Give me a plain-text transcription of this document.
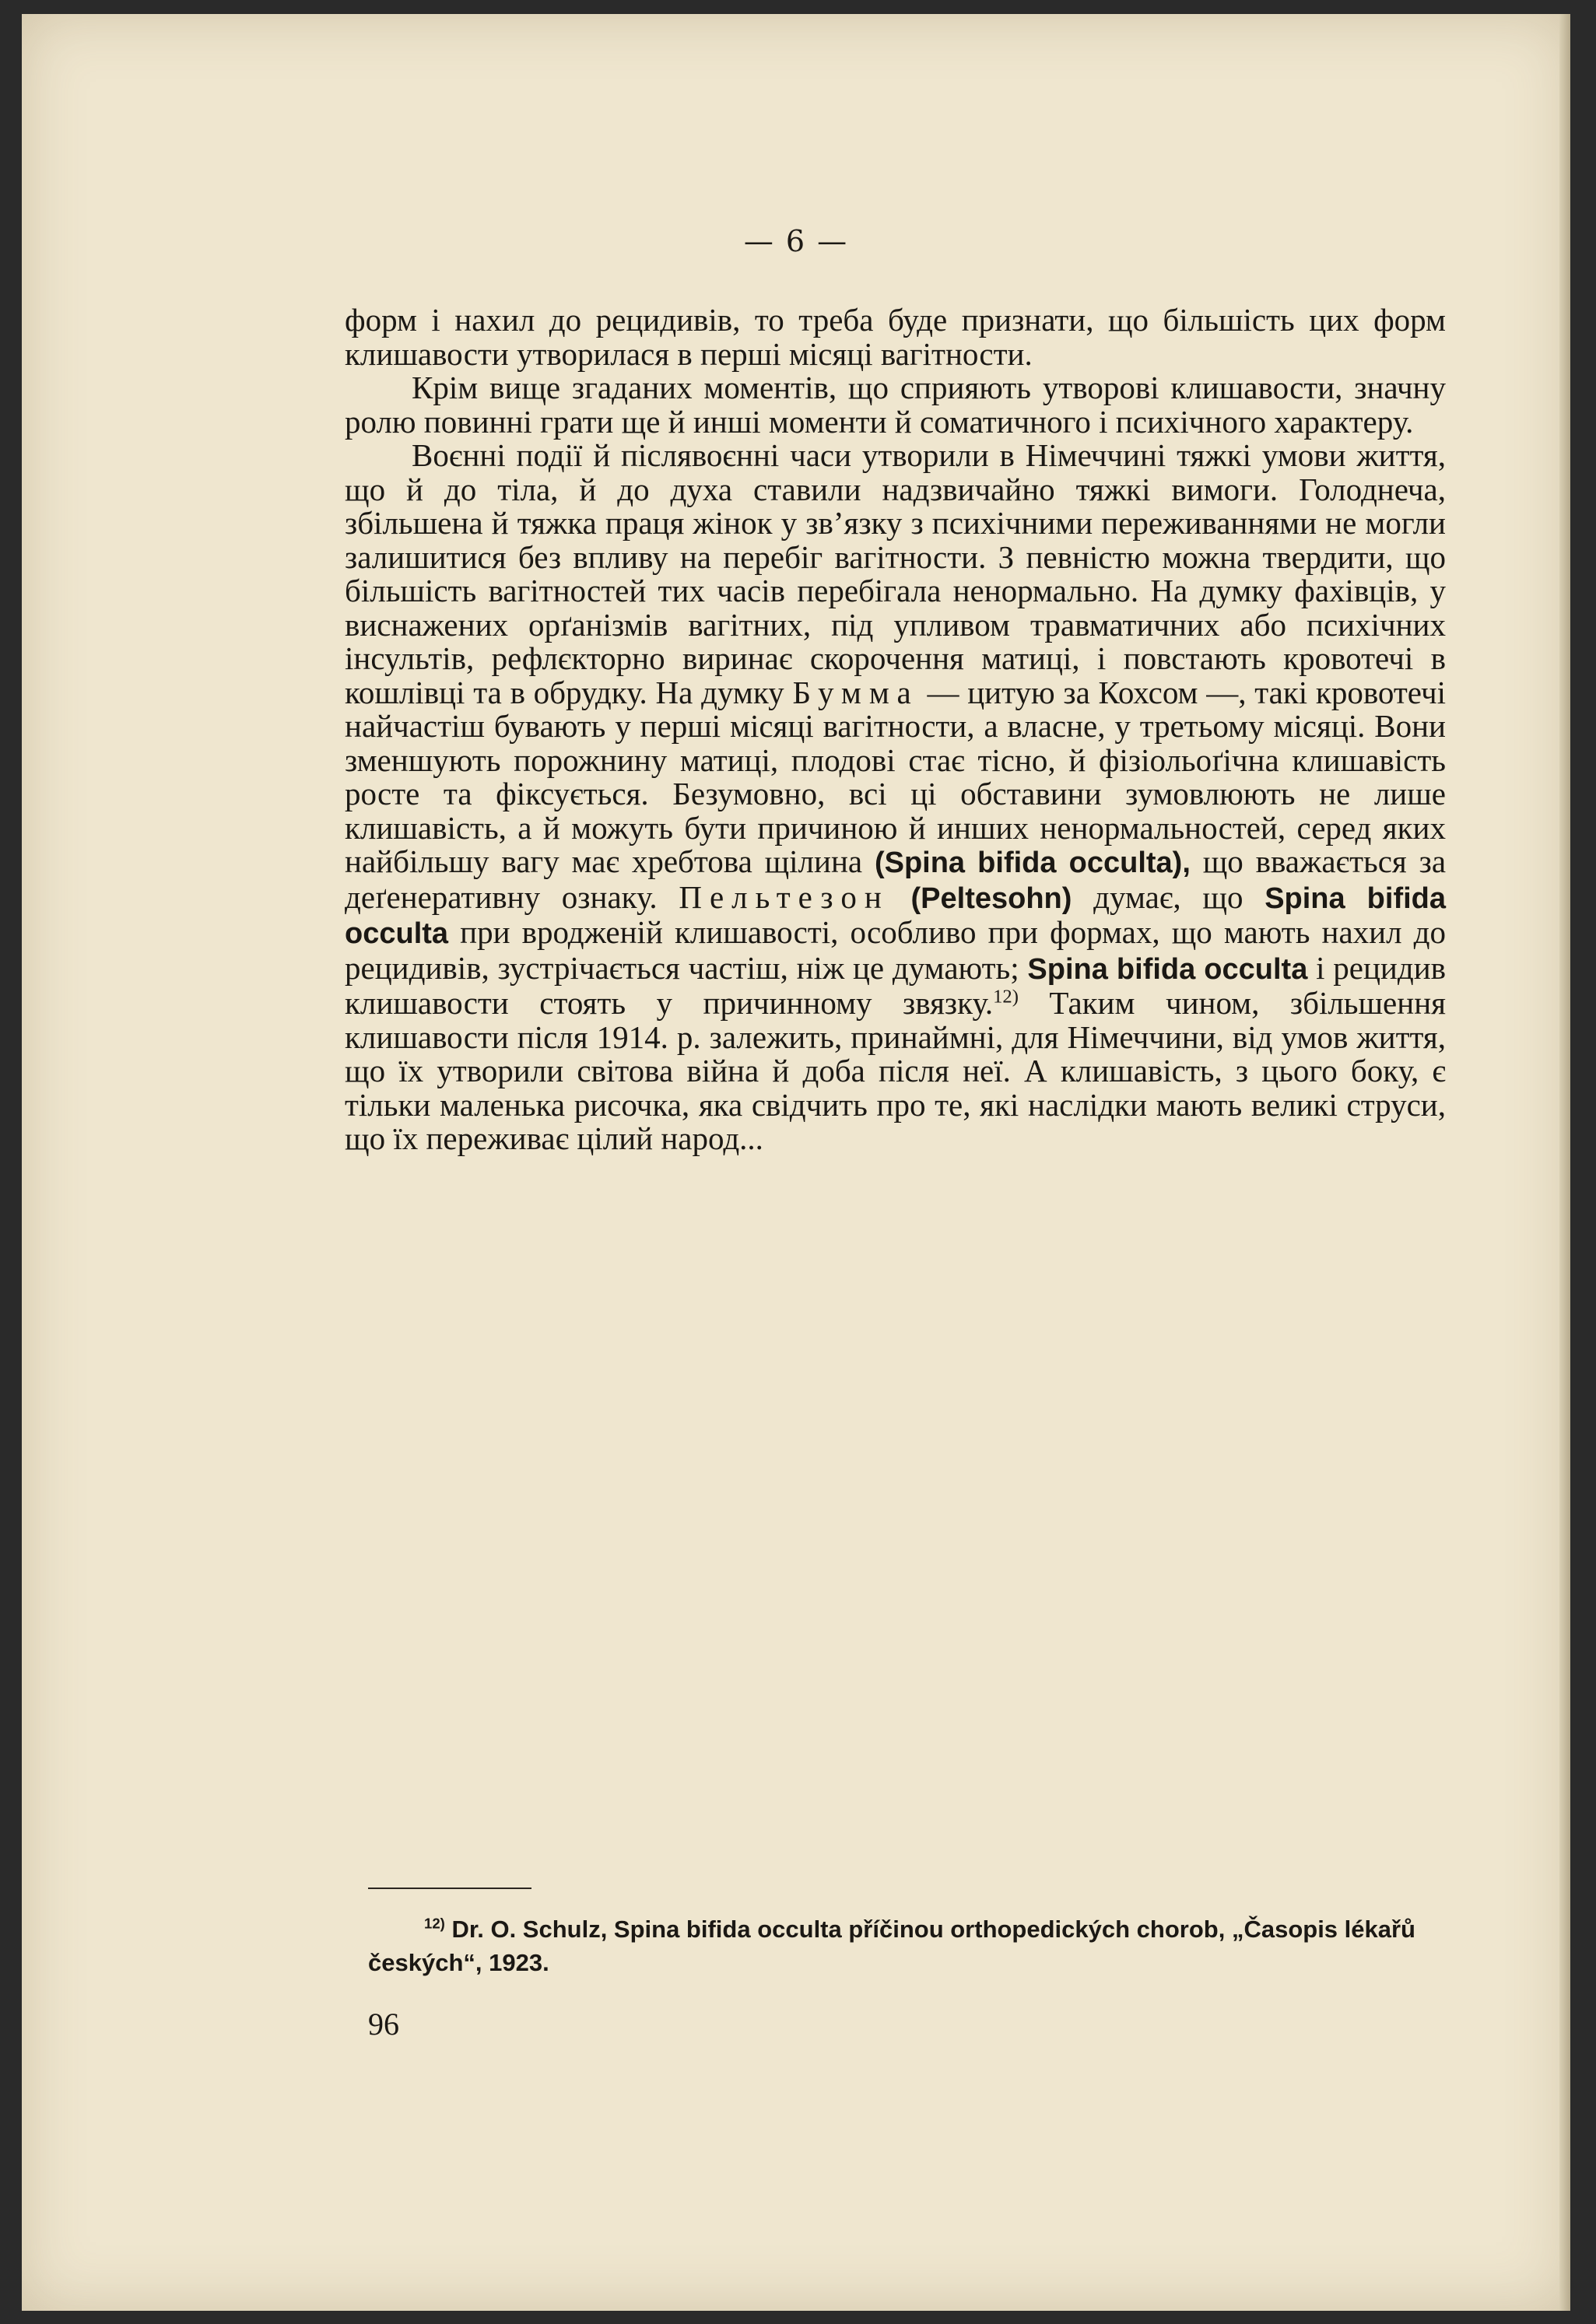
— 6 —

форм і нахил до рецидивів, то треба буде признати, що більшість цих форм клишавости утворилася в перші місяці вагітности.

Крім вище згаданих моментів, що сприяють утворові клишавости, значну ролю повинні грати ще й инші моменти й соматичного і психічного характеру.

Воєнні події й післявоєнні часи утворили в Німеччині тяжкі умови життя, що й до тіла, й до духа ставили надзвичайно тяжкі вимоги. Голоднеча, збільшена й тяжка праця жінок у зв’язку з психічними переживаннями не могли залишитися без впливу на перебіг вагітности. З певністю можна твердити, що більшість вагітностей тих часів перебігала ненормально. На думку фахівців, у виснажених орґанізмів вагітних, під упливом травматичних або психічних інсультів, рефлєкторно виринає скорочення матиці, і повстають кровотечі в кошлівці та в обрудку. На думку Бумма — цитую за Кохсом —, такі кровотечі найчастіш бувають у перші місяці вагітности, а власне, у третьому місяці. Вони зменшують порожнину матиці, плодові стає тісно, й фізіольоґічна клишавість росте та фіксується. Безумовно, всі ці обставини зумовлюють не лише клишавість, а й можуть бути причиною й инших ненормальностей, серед яких найбільшу вагу має хребтова щілина (Spina bifida occulta), що вважається за деґенеративну ознаку. Пельтезон (Peltesohn) думає, що Spina bifida occulta при вродженій клишавості, особливо при формах, що мають нахил до рецидивів, зустрічається частіш, ніж це думають; Spina bifida occulta і рецидив клишавости стоять у причинному звязку.$^{12)}$ Таким чином, збільшення клишавости після 1914. р. залежить, принаймні, для Німеччини, від умов життя, що їх утворили світова війна й доба після неї. А клишавість, з цього боку, є тільки маленька рисочка, яка свідчить про те, які наслідки мають великі струси, що їх переживає цілий народ...

$^{12)}$ Dr. O. Schulz, Spina bifida occulta příčinou orthopedických chorob, „Časopis lékařů českých“, 1923.
96
